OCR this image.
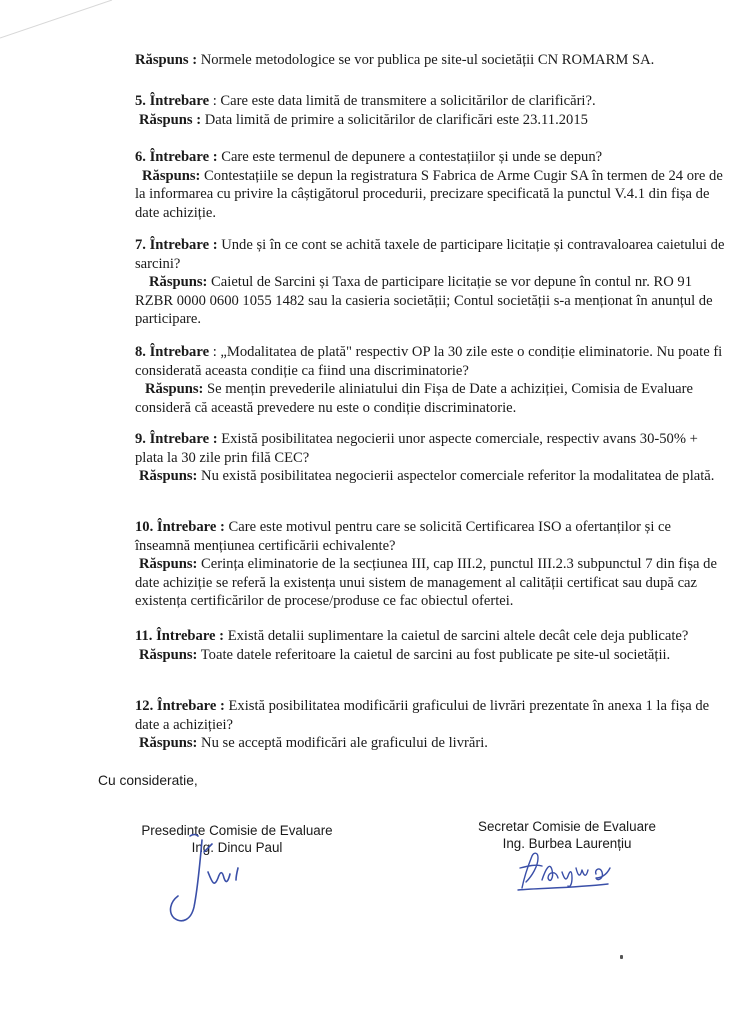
Răspuns : Normele metodologice se vor publica pe site-ul societății CN ROMARM SA.

5. Întrebare : Care este data limită de transmitere a solicitărilor de clarificări?.

Răspuns : Data limită de primire a solicitărilor de clarificări este 23.11.2015

6. Întrebare : Care este termenul de depunere a contestațiilor și unde se depun?

Răspuns: Contestațiile se depun la registratura S Fabrica de Arme Cugir SA în termen de 24 ore de la informarea cu privire la câștigătorul procedurii, precizare specificată la punctul V.4.1 din fișa de date achiziție.

7. Întrebare : Unde și în ce cont se achită taxele de participare licitație și contravaloarea caietului de sarcini?

Răspuns: Caietul de Sarcini și Taxa de participare licitație se vor depune în contul nr. RO 91 RZBR 0000 0600 1055 1482 sau la casieria societății; Contul societății s-a menționat în anunțul de participare.

8. Întrebare : „Modalitatea de plată" respectiv OP la 30 zile este o condiție eliminatorie. Nu poate fi considerată aceasta condiție ca fiind una discriminatorie?

Răspuns: Se mențin prevederile aliniatului din Fișa de Date a achiziției, Comisia de Evaluare consideră că această prevedere nu este o condiție discriminatorie.

9. Întrebare : Există posibilitatea negocierii unor aspecte comerciale, respectiv avans 30-50% + plata la 30 zile prin filă CEC?

Răspuns: Nu există posibilitatea negocierii aspectelor comerciale referitor la modalitatea de plată.

10. Întrebare : Care este motivul pentru care se solicită Certificarea ISO a ofertanților și ce înseamnă mențiunea certificării echivalente?

Răspuns: Cerința eliminatorie de la secțiunea III, cap III.2, punctul III.2.3 subpunctul 7 din fișa de date achiziție se referă la existența unui sistem de management al calității certificat sau după caz existența certificărilor de procese/produse ce fac obiectul ofertei.

11. Întrebare : Există detalii suplimentare la caietul de sarcini altele decât cele deja publicate?

Răspuns: Toate datele referitoare la caietul de sarcini au fost publicate pe site-ul societății.

12. Întrebare : Există posibilitatea modificării graficului de livrări prezentate în anexa 1 la fișa de date a achiziției?

Răspuns: Nu se acceptă modificări ale graficului de livrări.

Cu consideratie,
Presedinte Comisie de Evaluare
Ing. Dincu Paul
Secretar Comisie de Evaluare
Ing. Burbea Laurențiu
